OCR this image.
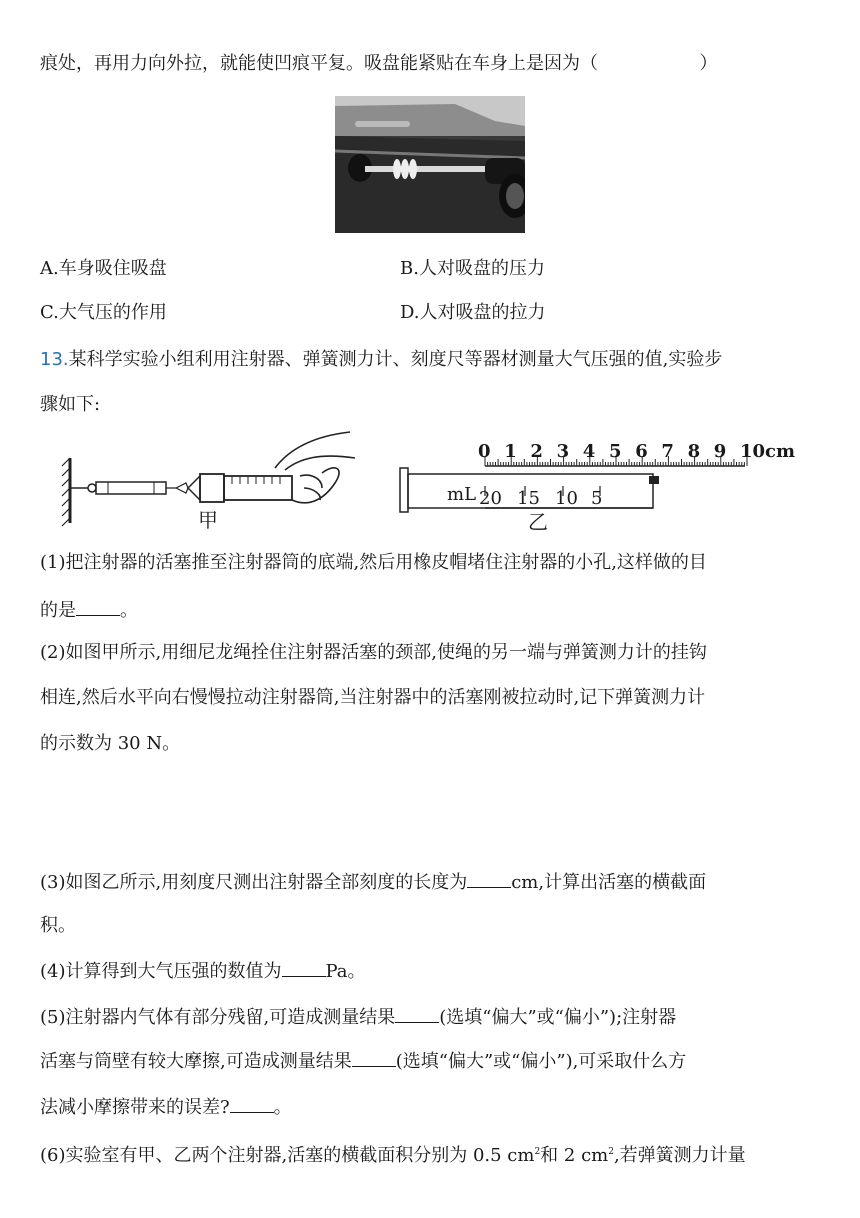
痕处，再用力向外拉，就能使凹痕平复。吸盘能紧贴在车身上是因为（	）
A.车身吸住吸盘	B.人对吸盘的压力
C.大气压的作用	D.人对吸盘的拉力
13.某科学实验小组利用注射器、弹簧测力计、刻度尺等器材测量大气压强的值,实验步
骤如下:
甲
0 1 2 3 4 5 6 7 8 9 10cm
mL 20 15 10 5
乙
(1)把注射器的活塞推至注射器筒的底端,然后用橡皮帽堵住注射器的小孔,这样做的目
的是 。
(2)如图甲所示,用细尼龙绳拴住注射器活塞的颈部,使绳的另一端与弹簧测力计的挂钩
相连,然后水平向右慢慢拉动注射器筒,当注射器中的活塞刚被拉动时,记下弹簧测力计
的示数为 30 N。
(3)如图乙所示,用刻度尺测出注射器全部刻度的长度为 cm,计算出活塞的横截面
积。
(4)计算得到大气压强的数值为 Pa。
(5)注射器内气体有部分残留,可造成测量结果 (选填“偏大”或“偏小”);注射器
活塞与筒壁有较大摩擦,可造成测量结果 (选填“偏大”或“偏小”),可采取什么方
法减小摩擦带来的误差? 。
(6)实验室有甲、乙两个注射器,活塞的横截面积分别为 0.5 $cm^2$和 2 $cm^2$,若弹簧测力计量
